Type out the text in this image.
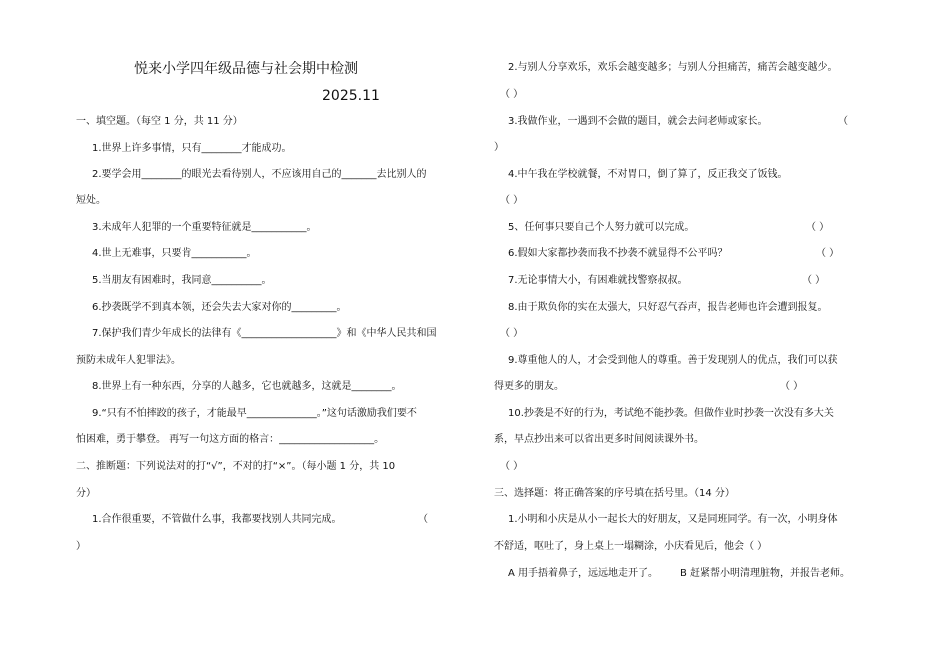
悦来小学四年级品德与社会期中检测
2025.11
一、填空题。（每空 1 分，共 11 分）
1.世界上许多事情，只有________才能成功。
2.要学会用________的眼光去看待别人，不应该用自己的_______去比别人的
短处。
3.未成年人犯罪的一个重要特征就是___________。
4.世上无难事，只要肯___________。
5.当朋友有困难时，我同意__________。
6.抄袭既学不到真本领，还会失去大家对你的_________。
7.保护我们青少年成长的法律有《___________________》和《中华人民共和国
预防未成年人犯罪法》。
8.世界上有一种东西，分享的人越多，它也就越多，这就是________。
9.“只有不怕摔跤的孩子，才能最早______________。”这句话激励我们要不
怕困难，勇于攀登。 再写一句这方面的格言：___________________。
二、推断题：下列说法对的打“√”，不对的打“×”。（每小题 1 分，共 10
分）
1.合作很重要，不管做什么事，我都要找别人共同完成。	（
）
2.与别人分享欢乐，欢乐会越变越多；与别人分担痛苦，痛苦会越变越少。
（ ）
3.我做作业，一遇到不会做的题目，就会去问老师或家长。	（
）
4.中午我在学校就餐，不对胃口，倒了算了，反正我交了饭钱。
（ ）
5、任何事只要自己个人努力就可以完成。	（ ）
6.假如大家都抄袭而我不抄袭不就显得不公平吗？	（ ）
7.无论事情大小，有困难就找警察叔叔。	（ ）
8.由于欺负你的实在太强大，只好忍气吞声，报告老师也许会遭到报复。
（ ）
9.尊重他人的人，才会受到他人的尊重。善于发现别人的优点，我们可以获
得更多的朋友。	（ ）
10.抄袭是不好的行为，考试绝不能抄袭。但做作业时抄袭一次没有多大关
系，早点抄出来可以省出更多时间阅读课外书。
（ ）
三、选择题：将正确答案的序号填在括号里。（14 分）
1.小明和小庆是从小一起长大的好朋友，又是同班同学。有一次，小明身体
不舒适，呕吐了，身上桌上一塌糊涂，小庆看见后，他会（ ）
A 用手捂着鼻子，远远地走开了。 B 赶紧帮小明清理脏物，并报告老师。
